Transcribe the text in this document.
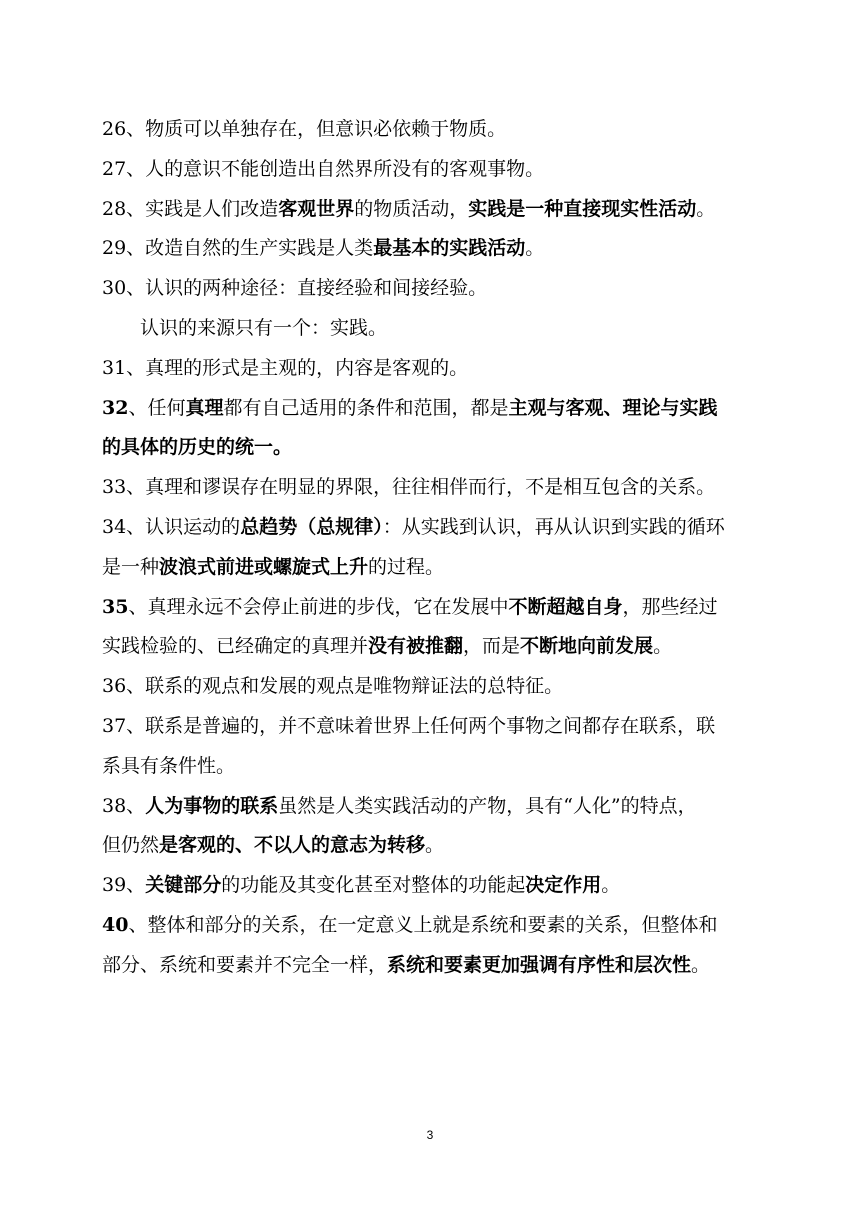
26、物质可以单独存在，但意识必依赖于物质。
27、人的意识不能创造出自然界所没有的客观事物。
28、实践是人们改造客观世界的物质活动，实践是一种直接现实性活动。
29、改造自然的生产实践是人类最基本的实践活动。
30、认识的两种途径：直接经验和间接经验。
认识的来源只有一个：实践。
31、真理的形式是主观的，内容是客观的。
32、任何真理都有自己适用的条件和范围，都是主观与客观、理论与实践
的具体的历史的统一。
33、真理和谬误存在明显的界限，往往相伴而行，不是相互包含的关系。
34、认识运动的总趋势（总规律）：从实践到认识，再从认识到实践的循环
是一种波浪式前进或螺旋式上升的过程。
35、真理永远不会停止前进的步伐，它在发展中不断超越自身，那些经过
实践检验的、已经确定的真理并没有被推翻，而是不断地向前发展。
36、联系的观点和发展的观点是唯物辩证法的总特征。
37、联系是普遍的，并不意味着世界上任何两个事物之间都存在联系，联
系具有条件性。
38、人为事物的联系虽然是人类实践活动的产物，具有“人化”的特点，
但仍然是客观的、不以人的意志为转移。
39、关键部分的功能及其变化甚至对整体的功能起决定作用。
40、整体和部分的关系，在一定意义上就是系统和要素的关系，但整体和
部分、系统和要素并不完全一样，系统和要素更加强调有序性和层次性。
3
